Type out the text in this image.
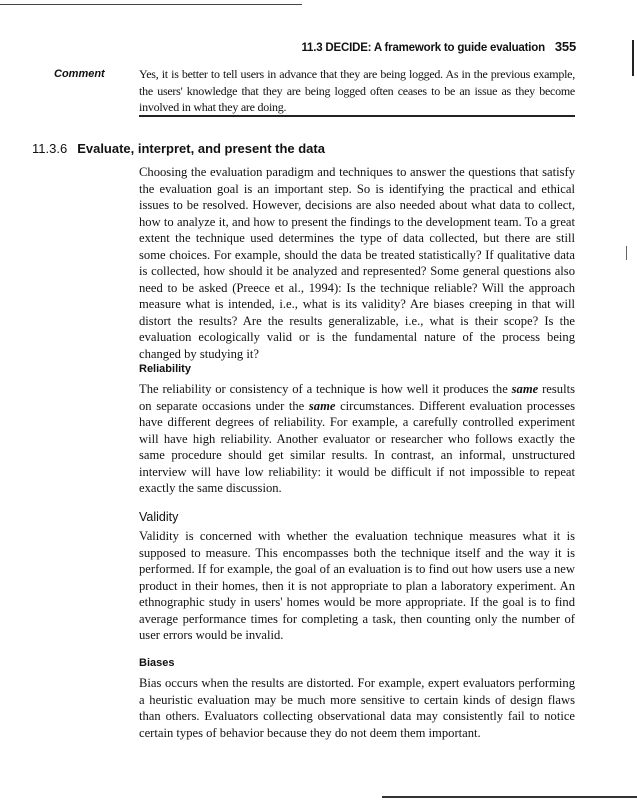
11.3 DECIDE: A framework to guide evaluation 355
Comment	Yes, it is better to tell users in advance that they are being logged. As in the previous example, the users' knowledge that they are being logged often ceases to be an issue as they become involved in what they are doing.
11.3.6 Evaluate, interpret, and present the data
Choosing the evaluation paradigm and techniques to answer the questions that satisfy the evaluation goal is an important step. So is identifying the practical and ethical issues to be resolved. However, decisions are also needed about what data to collect, how to analyze it, and how to present the findings to the development team. To a great extent the technique used determines the type of data collected, but there are still some choices. For example, should the data be treated statistically? If qualitative data is collected, how should it be analyzed and represented? Some general questions also need to be asked (Preece et al., 1994): Is the technique reliable? Will the approach measure what is intended, i.e., what is its validity? Are biases creeping in that will distort the results? Are the results generalizable, i.e., what is their scope? Is the evaluation ecologically valid or is the fundamental nature of the process being changed by studying it?
Reliability
The reliability or consistency of a technique is how well it produces the same results on separate occasions under the same circumstances. Different evaluation processes have different degrees of reliability. For example, a carefully controlled experiment will have high reliability. Another evaluator or researcher who follows exactly the same procedure should get similar results. In contrast, an informal, unstructured interview will have low reliability: it would be difficult if not impossible to repeat exactly the same discussion.
Validity
Validity is concerned with whether the evaluation technique measures what it is supposed to measure. This encompasses both the technique itself and the way it is performed. If for example, the goal of an evaluation is to find out how users use a new product in their homes, then it is not appropriate to plan a laboratory experiment. An ethnographic study in users' homes would be more appropriate. If the goal is to find average performance times for completing a task, then counting only the number of user errors would be invalid.
Biases
Bias occurs when the results are distorted. For example, expert evaluators performing a heuristic evaluation may be much more sensitive to certain kinds of design flaws than others. Evaluators collecting observational data may consistently fail to notice certain types of behavior because they do not deem them important.
